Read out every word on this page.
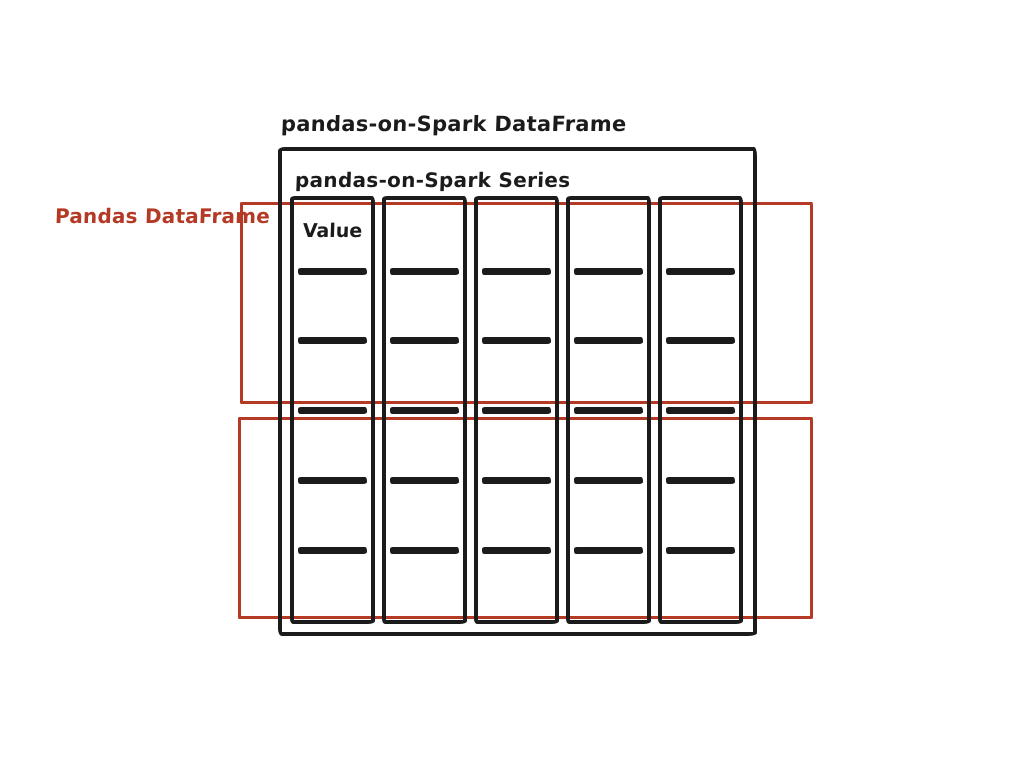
pandas-on-Spark DataFrame
Pandas DataFrame
pandas-on-Spark Series
Value
